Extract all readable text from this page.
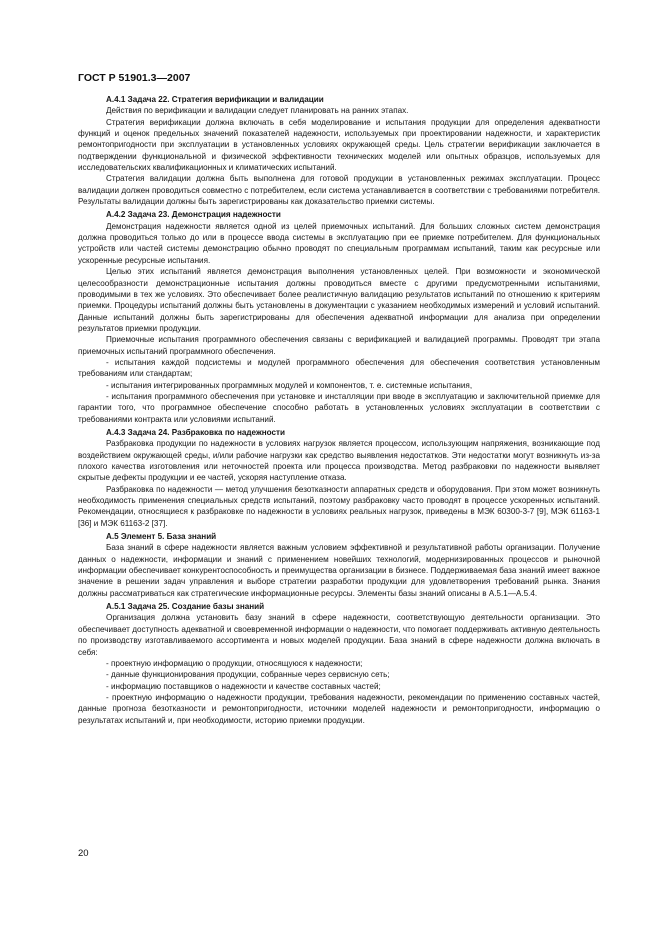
ГОСТ Р 51901.3—2007

А.4.1 Задача 22. Стратегия верификации и валидации

Действия по верификации и валидации следует планировать на ранних этапах.

Стратегия верификации должна включать в себя моделирование и испытания продукции для определения адекватности функций и оценок предельных значений показателей надежности, используемых при проектировании надежности, и характеристик ремонтопригодности при эксплуатации в установленных условиях окружающей среды. Цель стратегии верификации заключается в подтверждении функциональной и физической эффективности технических моделей или опытных образцов, используемых для исследовательских квалификационных и климатических испытаний.

Стратегия валидации должна быть выполнена для готовой продукции в установленных режимах эксплуатации. Процесс валидации должен проводиться совместно с потребителем, если система устанавливается в соответствии с требованиями потребителя. Результаты валидации должны быть зарегистрированы как доказательство приемки системы.

А.4.2 Задача 23. Демонстрация надежности

Демонстрация надежности является одной из целей приемочных испытаний. Для больших сложных систем демонстрация должна проводиться только до или в процессе ввода системы в эксплуатацию при ее приемке потребителем. Для функциональных устройств или частей системы демонстрацию обычно проводят по специальным программам испытаний, таким как ресурсные или ускоренные ресурсные испытания.

Целью этих испытаний является демонстрация выполнения установленных целей. При возможности и экономической целесообразности демонстрационные испытания должны проводиться вместе с другими предусмотренными испытаниями, проводимыми в тех же условиях. Это обеспечивает более реалистичную валидацию результатов испытаний по отношению к критериям приемки. Процедуры испытаний должны быть установлены в документации с указанием необходимых измерений и условий испытаний. Данные испытаний должны быть зарегистрированы для обеспечения адекватной информации для анализа при определении результатов приемки продукции.

Приемочные испытания программного обеспечения связаны с верификацией и валидацией программы. Проводят три этапа приемочных испытаний программного обеспечения.

- испытания каждой подсистемы и модулей программного обеспечения для обеспечения соответствия установленным требованиям или стандартам;

- испытания интегрированных программных модулей и компонентов, т. е. системные испытания,

- испытания программного обеспечения при установке и инсталляции при вводе в эксплуатацию и заключительной приемке для гарантии того, что программное обеспечение способно работать в установленных условиях эксплуатации в соответствии с требованиями контракта или условиями испытаний.

А.4.3 Задача 24. Разбраковка по надежности

Разбраковка продукции по надежности в условиях нагрузок является процессом, использующим напряжения, возникающие под воздействием окружающей среды, и/или рабочие нагрузки как средство выявления недостатков. Эти недостатки могут возникнуть из-за плохого качества изготовления или неточностей проекта или процесса производства. Метод разбраковки по надежности выявляет скрытые дефекты продукции и ее частей, ускоряя наступление отказа.

Разбраковка по надежности — метод улучшения безотказности аппаратных средств и оборудования. При этом может возникнуть необходимость применения специальных средств испытаний, поэтому разбраковку часто проводят в процессе ускоренных испытаний. Рекомендации, относящиеся к разбраковке по надежности в условиях реальных нагрузок, приведены в МЭК 60300-3-7 [9], МЭК 61163-1 [36] и МЭК 61163-2 [37].

А.5 Элемент 5. База знаний

База знаний в сфере надежности является важным условием эффективной и результативной работы организации. Получение данных о надежности, информации и знаний с применением новейших технологий, модернизированных процессов и рыночной информации обеспечивает конкурентоспособность и преимущества организации в бизнесе. Поддерживаемая база знаний имеет важное значение в решении задач управления и выборе стратегии разработки продукции для удовлетворения требований рынка. Знания должны рассматриваться как стратегические информационные ресурсы. Элементы базы знаний описаны в А.5.1—А.5.4.

А.5.1 Задача 25. Создание базы знаний

Организация должна установить базу знаний в сфере надежности, соответствующую деятельности организации. Это обеспечивает доступность адекватной и своевременной информации о надежности, что помогает поддерживать активную деятельность по производству изготавливаемого ассортимента и новых моделей продукции. База знаний в сфере надежности должна включать в себя:

- проектную информацию о продукции, относящуюся к надежности;

- данные функционирования продукции, собранные через сервисную сеть;

- информацию поставщиков о надежности и качестве составных частей;

- проектную информацию о надежности продукции, требования надежности, рекомендации по применению составных частей, данные прогноза безотказности и ремонтопригодности, источники моделей надежности и ремонтопригодности, информацию о результатах испытаний и, при необходимости, историю приемки продукции.

20
